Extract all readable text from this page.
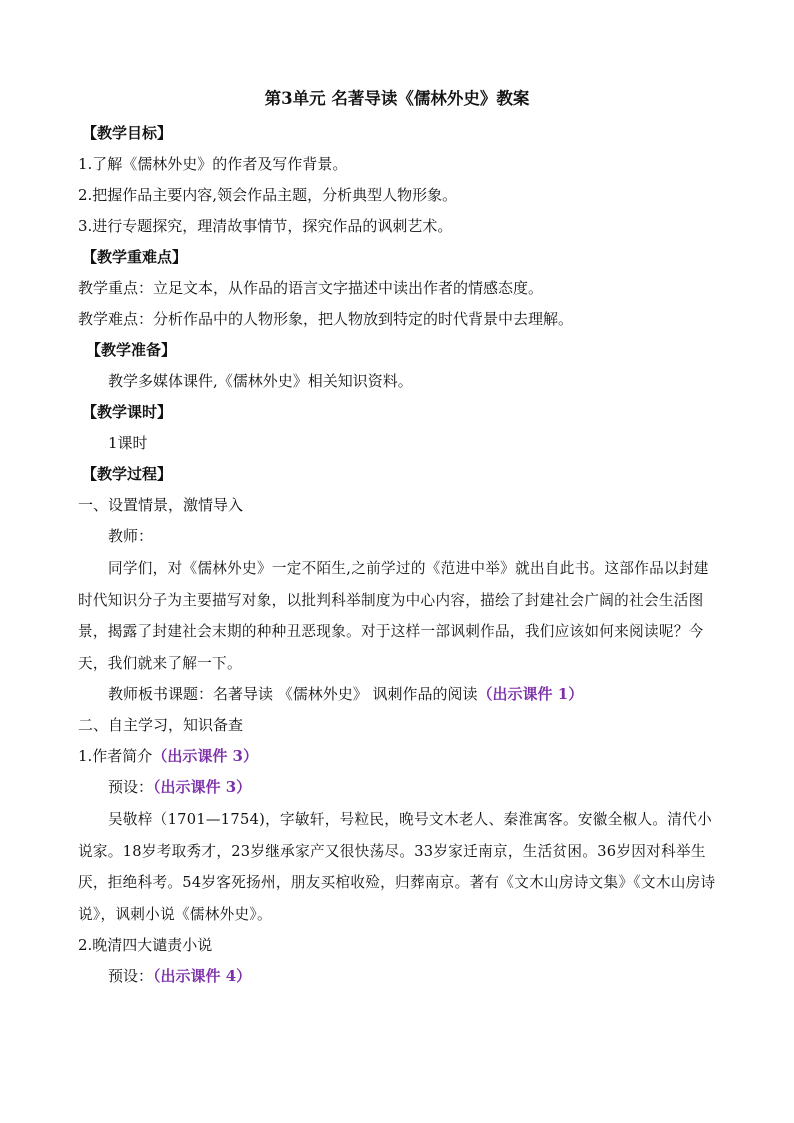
第3单元 名著导读《儒林外史》教案
【教学目标】
1.了解《儒林外史》的作者及写作背景。
2.把握作品主要内容,领会作品主题，分析典型人物形象。
3.进行专题探究，理清故事情节，探究作品的讽刺艺术。
【教学重难点】
教学重点：立足文本，从作品的语言文字描述中读出作者的情感态度。
教学难点：分析作品中的人物形象，把人物放到特定的时代背景中去理解。
【教学准备】
教学多媒体课件,《儒林外史》相关知识资料。
【教学课时】
1课时
【教学过程】
一、设置情景，激情导入
教师：
同学们，对《儒林外史》一定不陌生,之前学过的《范进中举》就出自此书。这部作品以封建时代知识分子为主要描写对象，以批判科举制度为中心内容，描绘了封建社会广阔的社会生活图景，揭露了封建社会末期的种种丑恶现象。对于这样一部讽刺作品，我们应该如何来阅读呢？今天，我们就来了解一下。
教师板书课题：名著导读 《儒林外史》 讽刺作品的阅读（出示课件 1）
二、自主学习，知识备查
1.作者简介（出示课件 3）
预设：（出示课件 3）
吴敬梓（1701—1754)，字敏轩，号粒民，晚号文木老人、秦淮寓客。安徽全椒人。清代小说家。18岁考取秀才，23岁继承家产又很快荡尽。33岁家迁南京，生活贫困。36岁因对科举生厌，拒绝科考。54岁客死扬州，朋友买棺收殓，归葬南京。著有《文木山房诗文集》《文木山房诗说》，讽刺小说《儒林外史》。
2.晚清四大谴责小说
预设：（出示课件 4）
